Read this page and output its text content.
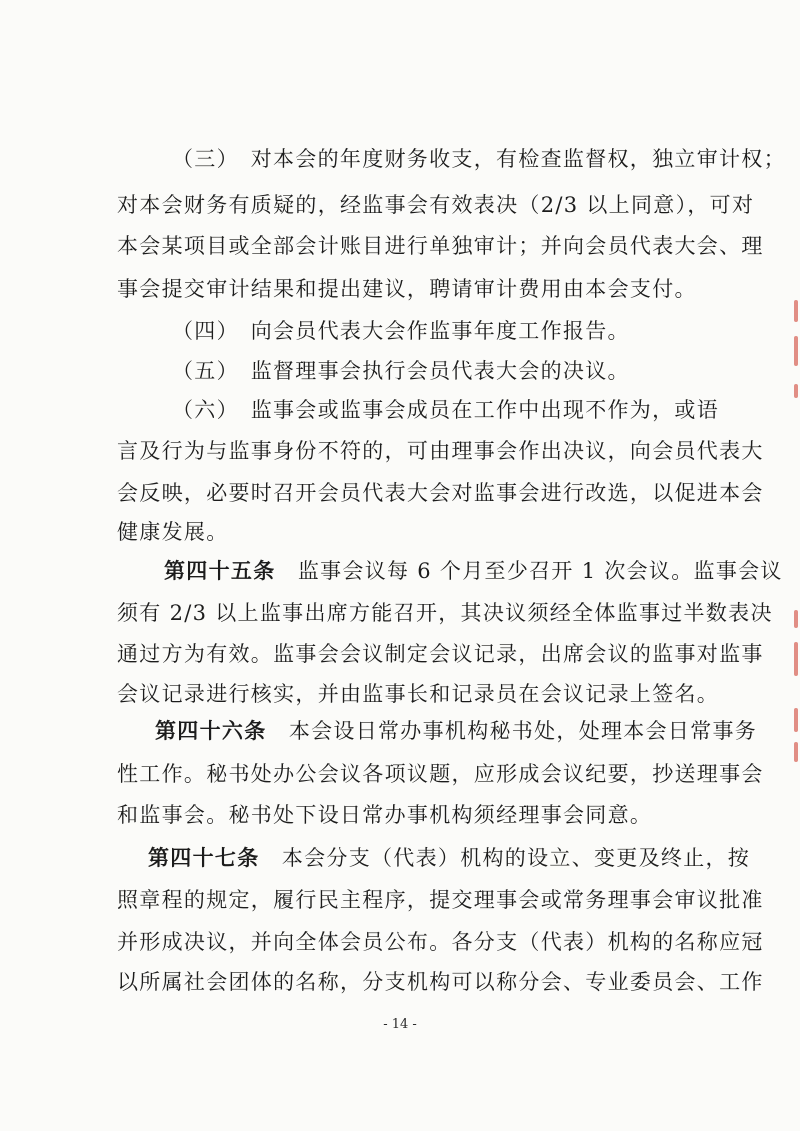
（三）　对本会的年度财务收支，有检查监督权，独立审计权；
对本会财务有质疑的，经监事会有效表决（2/3 以上同意），可对
本会某项目或全部会计账目进行单独审计；并向会员代表大会、理
事会提交审计结果和提出建议，聘请审计费用由本会支付。
（四）　向会员代表大会作监事年度工作报告。
（五）　监督理事会执行会员代表大会的决议。
（六）　监事会或监事会成员在工作中出现不作为，或语
言及行为与监事身份不符的，可由理事会作出决议，向会员代表大
会反映，必要时召开会员代表大会对监事会进行改选，以促进本会
健康发展。
第四十五条　 监事会议每 6 个月至少召开 1 次会议。监事会议
须有 2/3 以上监事出席方能召开，其决议须经全体监事过半数表决
通过方为有效。监事会会议制定会议记录，出席会议的监事对监事
会议记录进行核实，并由监事长和记录员在会议记录上签名。
第四十六条　 本会设日常办事机构秘书处，处理本会日常事务
性工作。秘书处办公会议各项议题，应形成会议纪要，抄送理事会
和监事会。秘书处下设日常办事机构须经理事会同意。
第四十七条　 本会分支（代表）机构的设立、变更及终止，按
照章程的规定，履行民主程序，提交理事会或常务理事会审议批准
并形成决议，并向全体会员公布。各分支（代表）机构的名称应冠
以所属社会团体的名称，分支机构可以称分会、专业委员会、工作
- 14 -
